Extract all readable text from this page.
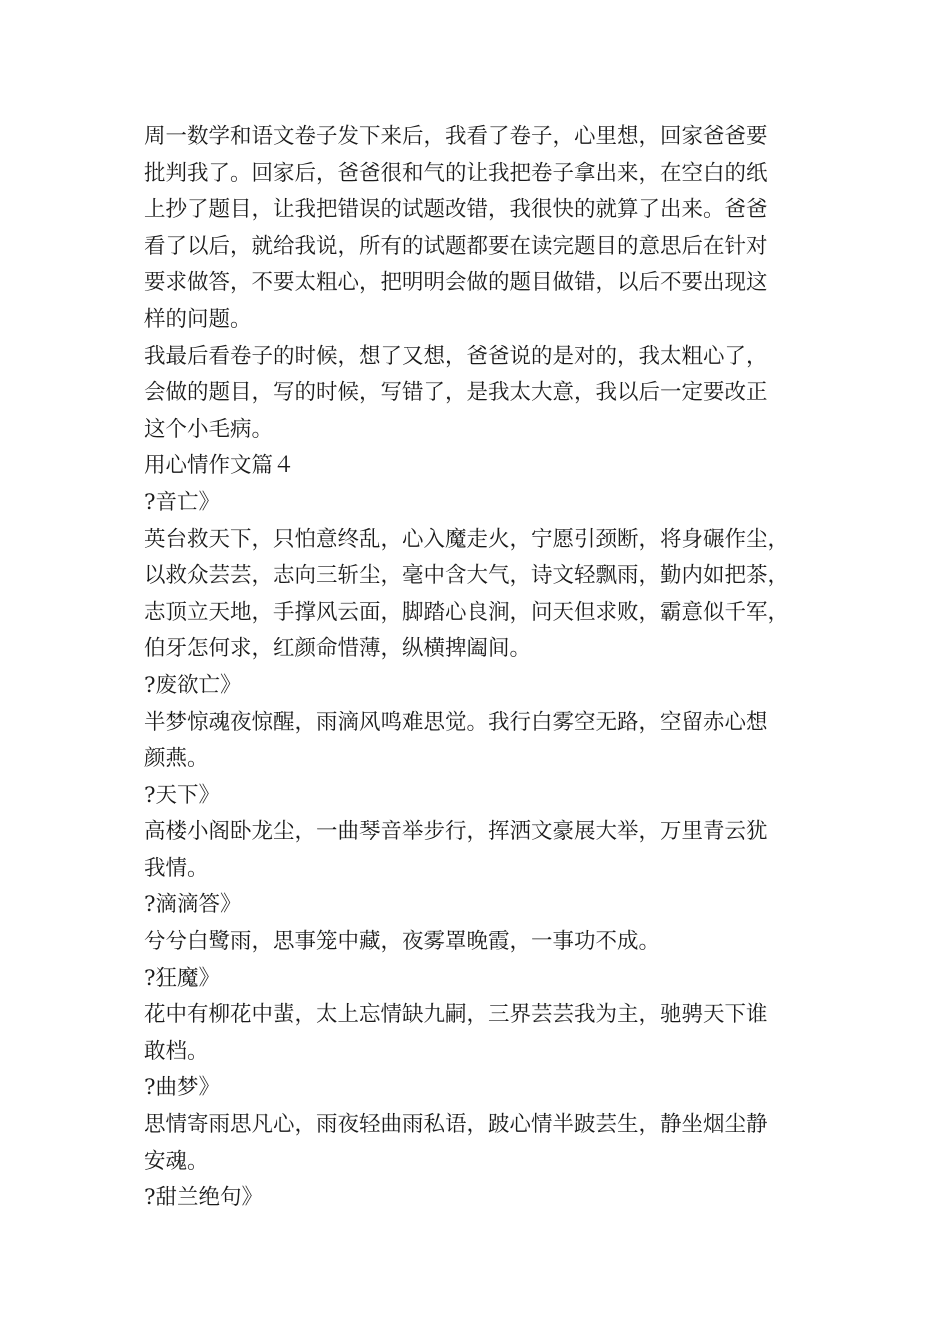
周一数学和语文卷子发下来后，我看了卷子，心里想，回家爸爸要
批判我了。回家后，爸爸很和气的让我把卷子拿出来，在空白的纸
上抄了题目，让我把错误的试题改错，我很快的就算了出来。爸爸
看了以后，就给我说，所有的试题都要在读完题目的意思后在针对
要求做答，不要太粗心，把明明会做的题目做错，以后不要出现这
样的问题。
我最后看卷子的时候，想了又想，爸爸说的是对的，我太粗心了，
会做的题目，写的时候，写错了，是我太大意，我以后一定要改正
这个小毛病。
用心情作文篇４
?音亡》
英台救天下，只怕意终乱，心入魔走火，宁愿引颈断，将身碾作尘，
以救众芸芸，志向三斩尘，毫中含大气，诗文轻飘雨，勤内如把茶，
志顶立天地，手撑风云面，脚踏心良涧，问天但求败，霸意似千军，
伯牙怎何求，红颜命惜薄，纵横捭阖间。
?废欲亡》
半梦惊魂夜惊醒，雨滴风鸣难思觉。我行白雾空无路，空留赤心想
颜燕。
?天下》
高楼小阁卧龙尘，一曲琴音举步行，挥洒文豪展大举，万里青云犹
我情。
?滴滴答》
兮兮白鹭雨，思事笼中藏，夜雾罩晚霞，一事功不成。
?狂魔》
花中有柳花中蜚，太上忘情缺九嗣，三界芸芸我为主，驰骋天下谁
敢档。
?曲梦》
思情寄雨思凡心，雨夜轻曲雨私语，跛心情半跛芸生，静坐烟尘静
安魂。
?甜兰绝句》
